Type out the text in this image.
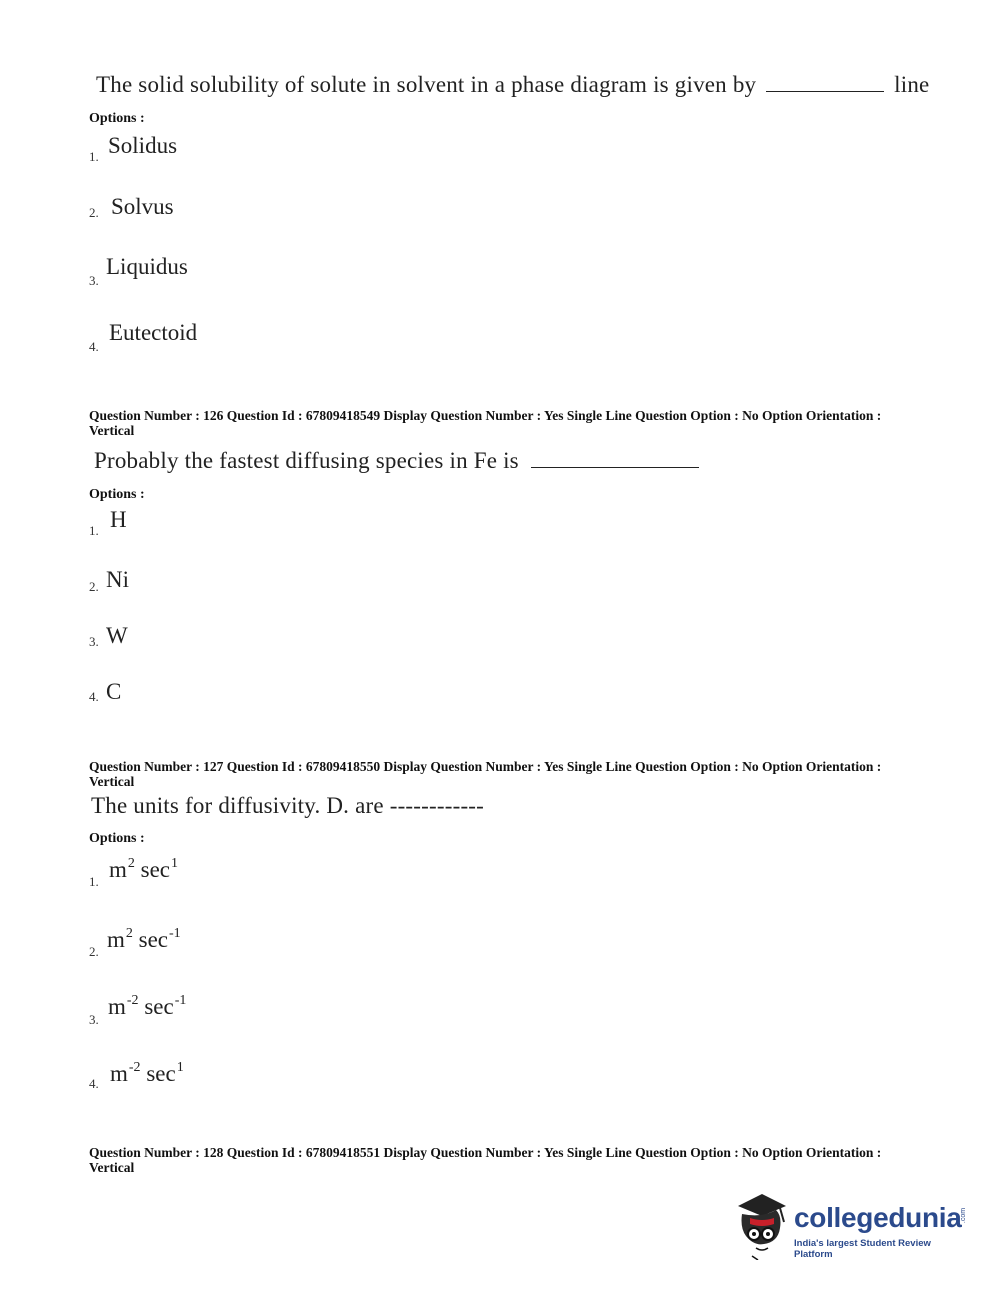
The solid solubility of solute in solvent in a phase diagram is given by	line
Options :
1. Solidus
2. Solvus
3.
Liquidus
4.
Eutectoid
Question Number : 126 Question Id : 67809418549 Display Question Number : Yes Single Line Question Option : No Option Orientation : Vertical
Probably the fastest diffusing species in Fe is
Options :
1. H
2. Ni
3. W
4. C
Question Number : 127 Question Id : 67809418550 Display Question Number : Yes Single Line Question Option : No Option Orientation : Vertical
The units for diffusivity. D. are ------------
Options :
1. $m^2$ $\sec^1$
2. $m^2$ $\sec^{-1}$
3.
$m^{-2}$ $\sec^{-1}$
4. $m^{-2}$ $\sec^1$
Question Number : 128 Question Id : 67809418551 Display Question Number : Yes Single Line Question Option : No Option Orientation : Vertical
collegedunia
.com
India's largest Student Review Platform
